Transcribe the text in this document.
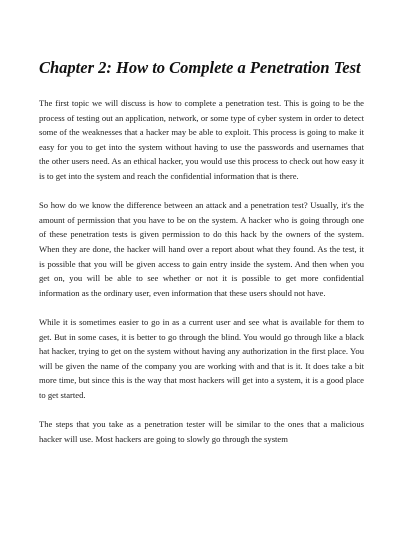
Chapter 2: How to Complete a Penetration Test

The first topic we will discuss is how to complete a penetration test. This is going to be the process of testing out an application, network, or some type of cyber system in order to detect some of the weaknesses that a hacker may be able to exploit. This process is going to make it easy for you to get into the system without having to use the passwords and usernames that the other users need. As an ethical hacker, you would use this process to check out how easy it is to get into the system and reach the confidential information that is there.

So how do we know the difference between an attack and a penetration test? Usually, it's the amount of permission that you have to be on the system. A hacker who is going through one of these penetration tests is given permission to do this hack by the owners of the system. When they are done, the hacker will hand over a report about what they found. As the test, it is possible that you will be given access to gain entry inside the system. And then when you get on, you will be able to see whether or not it is possible to get more confidential information as the ordinary user, even information that these users should not have.

While it is sometimes easier to go in as a current user and see what is available for them to get. But in some cases, it is better to go through the blind. You would go through like a black hat hacker, trying to get on the system without having any authorization in the first place. You will be given the name of the company you are working with and that is it. It does take a bit more time, but since this is the way that most hackers will get into a system, it is a good place to get started.

The steps that you take as a penetration tester will be similar to the ones that a malicious hacker will use. Most hackers are going to slowly go through the system
